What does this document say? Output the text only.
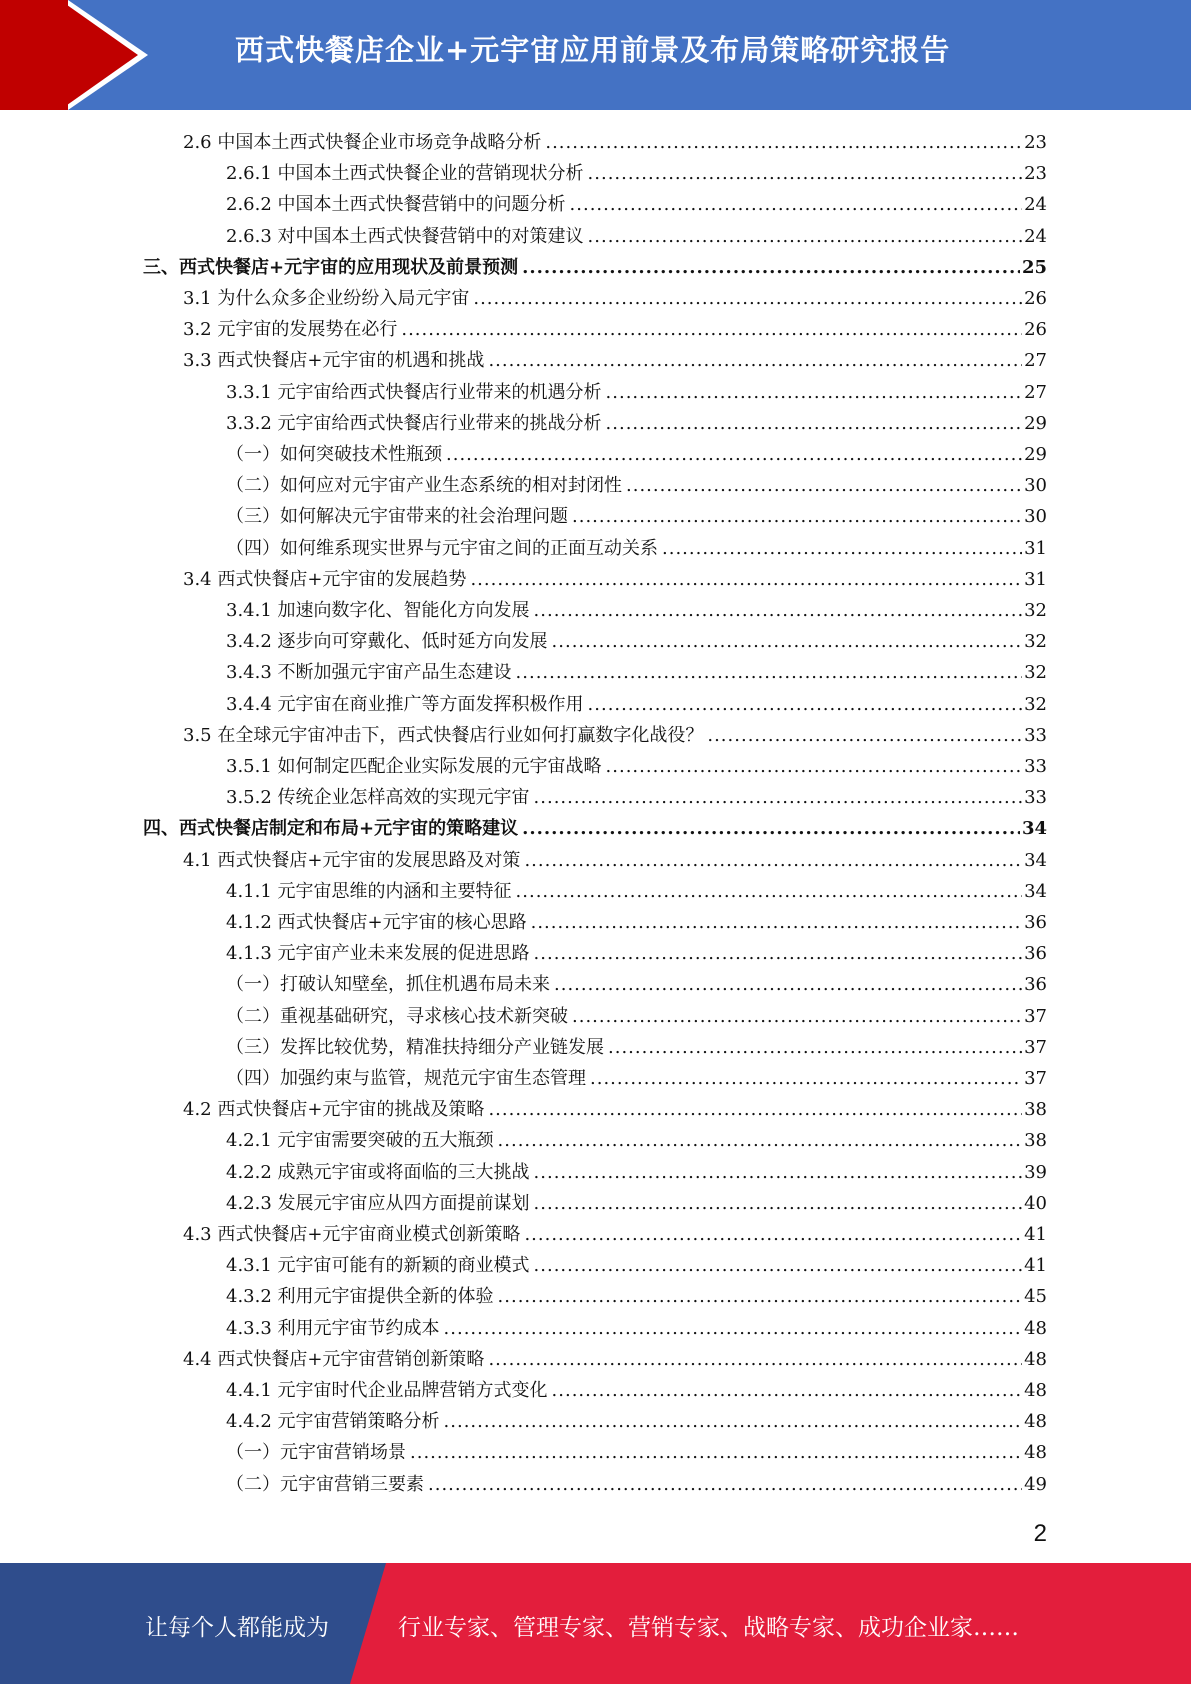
西式快餐店企业+元宇宙应用前景及布局策略研究报告
2.6 中国本土西式快餐企业市场竞争战略分析 .....	23
2.6.1 中国本土西式快餐企业的营销现状分析 .....	23
2.6.2 中国本土西式快餐营销中的问题分析 .....	24
2.6.3 对中国本土西式快餐营销中的对策建议 .....	24
三、西式快餐店+元宇宙的应用现状及前景预测 .....	25
3.1 为什么众多企业纷纷入局元宇宙 .....	26
3.2 元宇宙的发展势在必行 .....	26
3.3 西式快餐店+元宇宙的机遇和挑战 .....	27
3.3.1 元宇宙给西式快餐店行业带来的机遇分析 .....	27
3.3.2 元宇宙给西式快餐店行业带来的挑战分析 .....	29
（一）如何突破技术性瓶颈 .....	29
（二）如何应对元宇宙产业生态系统的相对封闭性 .....	30
（三）如何解决元宇宙带来的社会治理问题 .....	30
（四）如何维系现实世界与元宇宙之间的正面互动关系 .....	31
3.4 西式快餐店+元宇宙的发展趋势 .....	31
3.4.1 加速向数字化、智能化方向发展 .....	32
3.4.2 逐步向可穿戴化、低时延方向发展 .....	32
3.4.3 不断加强元宇宙产品生态建设 .....	32
3.4.4 元宇宙在商业推广等方面发挥积极作用 .....	32
3.5 在全球元宇宙冲击下，西式快餐店行业如何打赢数字化战役？ .....	33
3.5.1 如何制定匹配企业实际发展的元宇宙战略 .....	33
3.5.2 传统企业怎样高效的实现元宇宙 .....	33
四、西式快餐店制定和布局+元宇宙的策略建议 .....	34
4.1 西式快餐店+元宇宙的发展思路及对策 .....	34
4.1.1 元宇宙思维的内涵和主要特征 .....	34
4.1.2 西式快餐店+元宇宙的核心思路 .....	36
4.1.3 元宇宙产业未来发展的促进思路 .....	36
（一）打破认知壁垒，抓住机遇布局未来 .....	36
（二）重视基础研究，寻求核心技术新突破 .....	37
（三）发挥比较优势，精准扶持细分产业链发展 .....	37
（四）加强约束与监管，规范元宇宙生态管理 .....	37
4.2 西式快餐店+元宇宙的挑战及策略 .....	38
4.2.1 元宇宙需要突破的五大瓶颈 .....	38
4.2.2 成熟元宇宙或将面临的三大挑战 .....	39
4.2.3 发展元宇宙应从四方面提前谋划 .....	40
4.3 西式快餐店+元宇宙商业模式创新策略 .....	41
4.3.1 元宇宙可能有的新颖的商业模式 .....	41
4.3.2 利用元宇宙提供全新的体验 .....	45
4.3.3 利用元宇宙节约成本 .....	48
4.4 西式快餐店+元宇宙营销创新策略 .....	48
4.4.1 元宇宙时代企业品牌营销方式变化 .....	48
4.4.2 元宇宙营销策略分析 .....	48
（一）元宇宙营销场景 .....	48
（二）元宇宙营销三要素 .....	49
2
让每个人都能成为	行业专家、管理专家、营销专家、战略专家、成功企业家……
